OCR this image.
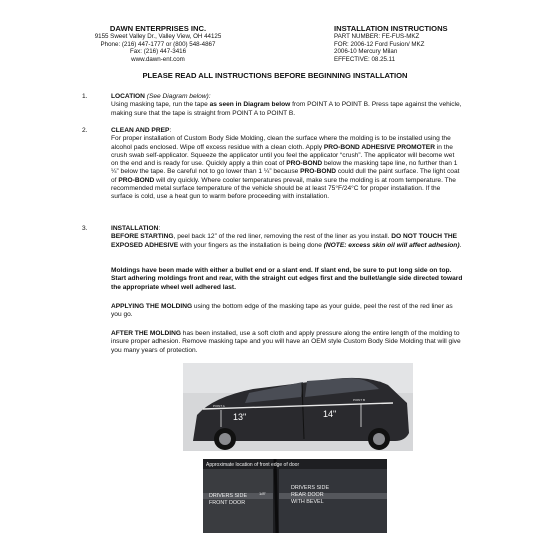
DAWN ENTERPRISES INC.
9155 Sweet Valley Dr., Valley View, OH 44125
Phone: (216) 447-1777 or (800) 548-4867
Fax: (216) 447-3416
www.dawn-ent.com
INSTALLATION INSTRUCTIONS
PART NUMBER: FE-FUS-MKZ
FOR: 2006-12 Ford Fusion/ MKZ
2006-10 Mercury Milan
EFFECTIVE: 08.25.11
PLEASE READ ALL INSTRUCTIONS BEFORE BEGINNING INSTALLATION
1.	LOCATION (See Diagram below):
Using masking tape, run the tape as seen in Diagram below from POINT A to POINT B. Press tape against the vehicle, making sure that the tape is straight from POINT A to POINT B.
2.	CLEAN AND PREP:
For proper installation of Custom Body Side Molding, clean the surface where the molding is to be installed using the alcohol pads enclosed. Wipe off excess residue with a clean cloth. Apply PRO-BOND ADHESIVE PROMOTER in the crush swab self-applicator. Squeeze the applicator until you feel the applicator “crush”. The applicator will become wet on the end and is ready for use. Quickly apply a thin coat of PRO-BOND below the masking tape line, no further than 1 ¼” below the tape. Be careful not to go lower than 1 ¼” because PRO-BOND could dull the paint surface. The light coat of PRO-BOND will dry quickly. Where cooler temperatures prevail, make sure the molding is at room temperature. The recommended metal surface temperature of the vehicle should be at least 75°F/24°C for proper installation. If the surface is cold, use a heat gun to warm before proceeding with installation.
3.	INSTALLATION:
BEFORE STARTING, peel back 12” of the red liner, removing the rest of the liner as you install. DO NOT TOUCH THE EXPOSED ADHESIVE with your fingers as the installation is being done (NOTE: excess skin oil will affect adhesion).
Moldings have been made with either a bullet end or a slant end. If slant end, be sure to put long side on top. Start adhering moldings front and rear, with the straight cut edges first and the bullet/angle side directed toward the appropriate wheel well adhered last.
APPLYING THE MOLDING using the bottom edge of the masking tape as your guide, peel the rest of the red liner as you go.
AFTER THE MOLDING has been installed, use a soft cloth and apply pressure along the entire length of the molding to insure proper adhesion. Remove masking tape and you will have an OEM style Custom Body Side Molding that will give you many years of protection.
POINT A
POINT B
13"	14"
Approximate location of front edge of door
DRIVERS SIDE
FRONT DOOR
1/8"
DRIVERS SIDE
REAR DOOR
WITH BEVEL
